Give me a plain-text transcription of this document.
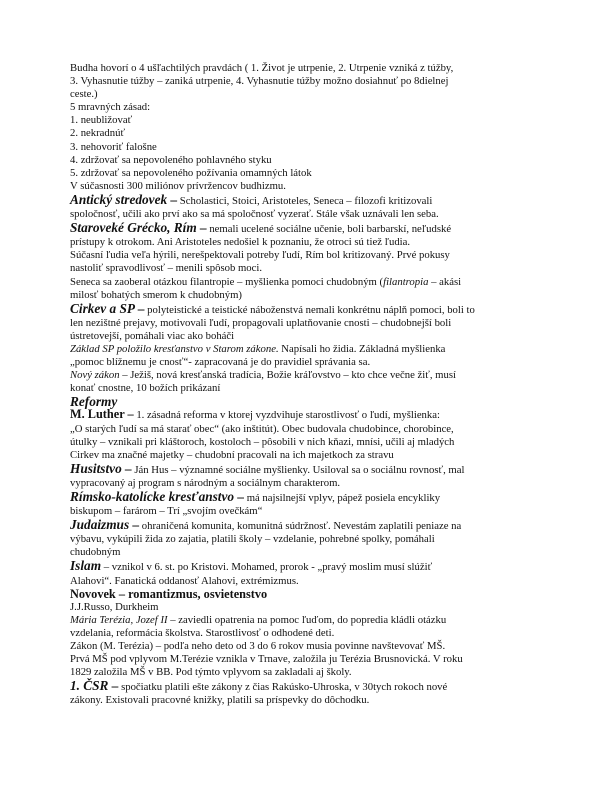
Budha hovorí o 4 ušľachtilých pravdách ( 1. Život je utrpenie, 2. Utrpenie vzniká z túžby,
3. Vyhasnutie túžby – zaniká utrpenie, 4. Vyhasnutie túžby možno dosiahnuť po 8dielnej
ceste.)

5 mravných zásad:

1. neubližovať
2. nekradnúť
3. nehovoriť falošne
4. zdržovať sa nepovoleného pohlavného styku
5. zdržovať sa nepovoleného požívania omamných látok

V súčasnosti 300 miliónov prívržencov budhizmu.

Antický stredovek – Scholastici, Stoici, Aristoteles, Seneca – filozofi kritizovali
spoločnosť, učili ako prví ako sa má spoločnosť vyzerať. Stále však uznávali len seba.

Staroveké Grécko, Rím – nemali ucelené sociálne učenie, boli barbarskí, neľudské
prístupy k otrokom. Ani Aristoteles nedošiel k poznaniu, že otroci sú tiež ľudia.
Súčasní ľudia veľa hýrili, nerešpektovali potreby ľudí, Rím bol kritizovaný. Prvé pokusy
nastoliť spravodlivosť – menili spôsob moci.
Seneca sa zaoberal otázkou filantropie – myšlienka pomoci chudobným (filantropia – akási
milosť bohatých smerom k chudobným)

Cirkev a SP – polyteistické a teistické náboženstvá nemali konkrétnu náplň pomoci, boli to
len nezištné prejavy, motivovali ľudí, propagovali uplatňovanie cnosti – chudobnejší boli
ústretovejší, pomáhali viac ako boháči
Základ SP položilo kresťanstvo v Starom zákone. Napísali ho židia. Základná myšlienka
„pomoc blížnemu je cnosť“- zapracovaná je do pravidiel správania sa.
Nový zákon – Ježiš, nová kresťanská tradícia, Božie kráľovstvo – kto chce večne žiť, musí
konať cnostne, 10 božích prikázaní

Reformy

M. Luther – 1. zásadná reforma v ktorej vyzdvihuje starostlivosť o ľudí, myšlienka:
„O starých ľudí sa má starať obec“ (ako inštitút). Obec budovala chudobince, chorobince,
útulky – vznikali pri kláštoroch, kostoloch – pôsobili v nich kňazi, mnísi, učili aj mladých
Cirkev ma značné majetky – chudobní pracovali na ich majetkoch za stravu

Husitstvo – Ján Hus – významné sociálne myšlienky. Usiloval sa o sociálnu rovnosť, mal
vypracovaný aj program s národným a sociálnym charakterom.

Rímsko-katolícke kresťanstvo – má najsilnejší vplyv, pápež posiela encykliky
biskupom – farárom – Trí „svojím ovečkám“

Judaizmus – ohraničená komunita, komunitná súdržnosť. Nevestám zaplatili peniaze na
výbavu, vykúpili žida zo zajatia, platili školy – vzdelanie, pohrebné spolky, pomáhali
chudobným

Islam – vznikol v 6. st. po Kristovi. Mohamed, prorok - „pravý moslim musí slúžiť
Alahovi“. Fanatická oddanosť Alahovi, extrémizmus.

Novovek – romantizmus, osvietenstvo

J.J.Russo, Durkheim
Mária Terézia, Jozef II – zaviedli opatrenia na pomoc ľuďom, do popredia kládli otázku
vzdelania, reformácia školstva. Starostlivosť o odhodené deti.
Zákon (M. Terézia) – podľa neho deto od 3 do 6 rokov musia povinne navštevovať MŠ.
Prvá MŠ pod vplyvom M.Terézie vznikla v Trnave, založila ju Terézia Brusnovická. V roku
1829 založila MŠ v BB. Pod týmto vplyvom sa zakladali aj školy.

1. ČSR – spočiatku platili ešte zákony z čias Rakúsko-Uhroska, v 30tych rokoch nové
zákony. Existovali pracovné knižky, platili sa príspevky do dôchodku.
